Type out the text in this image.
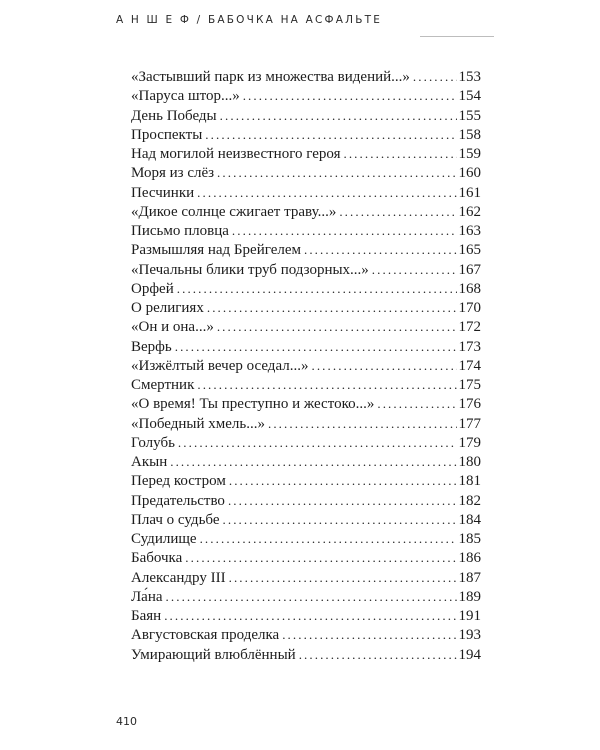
А Н Ш Е Ф / БАБОЧКА НА АСФАЛЬТЕ
«Застывший парк из множества видений...» .....	153
«Паруса штор...» .....	154
День Победы .....	155
Проспекты .....	158
Над могилой неизвестного героя .....	159
Моря из слёз .....	160
Песчинки .....	161
«Дикое солнце сжигает траву...» .....	162
Письмо пловца .....	163
Размышляя над Брейгелем .....	165
«Печальны блики труб подзорных...» .....	167
Орфей .....	168
О религиях .....	170
«Он и она...» .....	172
Верфь .....	173
«Изжёлтый вечер оседал...» .....	174
Смертник .....	175
«О время! Ты преступно и жестоко...» .....	176
«Победный хмель...» .....	177
Голубь .....	179
Акын .....	180
Перед костром .....	181
Предательство .....	182
Плач о судьбе .....	184
Судилище .....	185
Бабочка .....	186
Александру III .....	187
Ла́на .....	189
Баян .....	191
Августовская проделка .....	193
Умирающий влюблённый .....	194
410
